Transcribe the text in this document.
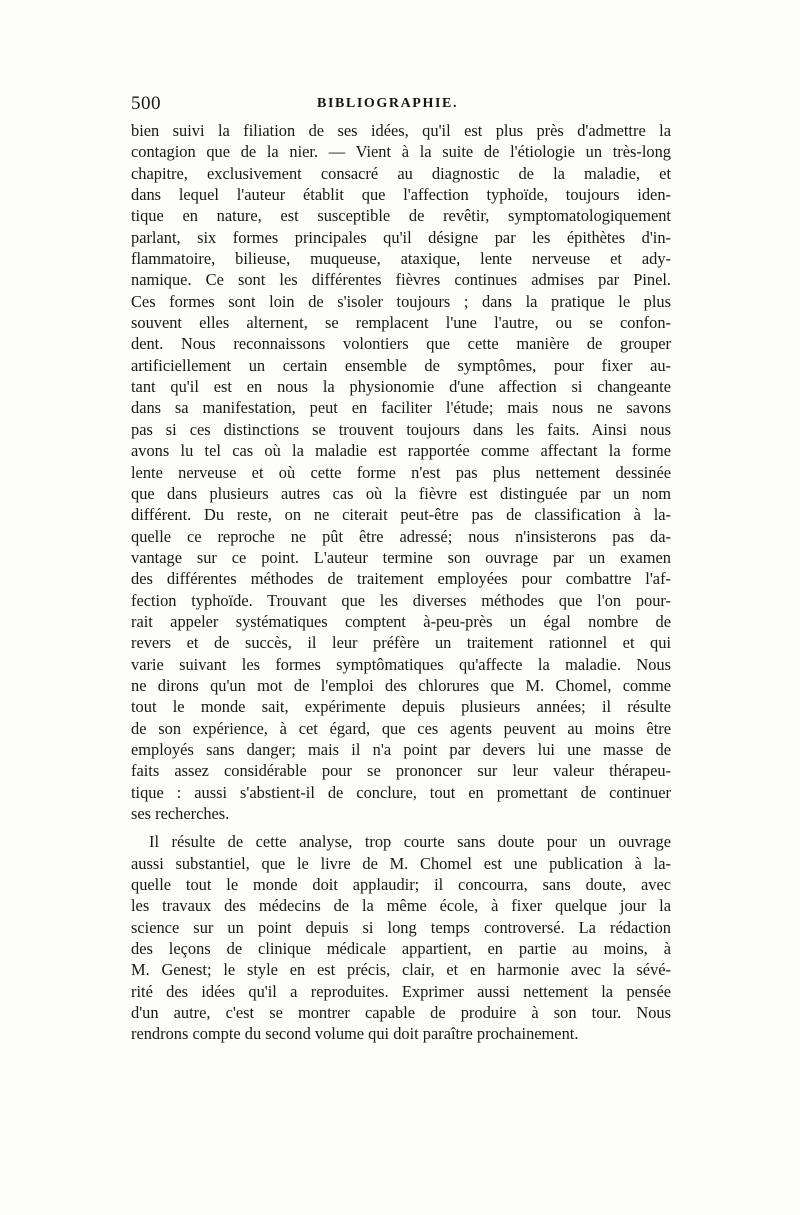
500	BIBLIOGRAPHIE.
bien suivi la filiation de ses idées, qu'il est plus près d'admettre la
contagion que de la nier. — Vient à la suite de l'étiologie un très-long
chapitre, exclusivement consacré au diagnostic de la maladie, et
dans lequel l'auteur établit que l'affection typhoïde, toujours iden-
tique en nature, est susceptible de revêtir, symptomatologiquement
parlant, six formes principales qu'il désigne par les épithètes d'in-
flammatoire, bilieuse, muqueuse, ataxique, lente nerveuse et ady-
namique. Ce sont les différentes fièvres continues admises par Pinel.
Ces formes sont loin de s'isoler toujours ; dans la pratique le plus
souvent elles alternent, se remplacent l'une l'autre, ou se confon-
dent. Nous reconnaissons volontiers que cette manière de grouper
artificiellement un certain ensemble de symptômes, pour fixer au-
tant qu'il est en nous la physionomie d'une affection si changeante
dans sa manifestation, peut en faciliter l'étude; mais nous ne savons
pas si ces distinctions se trouvent toujours dans les faits. Ainsi nous
avons lu tel cas où la maladie est rapportée comme affectant la forme
lente nerveuse et où cette forme n'est pas plus nettement dessinée
que dans plusieurs autres cas où la fièvre est distinguée par un nom
différent. Du reste, on ne citerait peut-être pas de classification à la-
quelle ce reproche ne pût être adressé; nous n'insisterons pas da-
vantage sur ce point. L'auteur termine son ouvrage par un examen
des différentes méthodes de traitement employées pour combattre l'af-
fection typhoïde. Trouvant que les diverses méthodes que l'on pour-
rait appeler systématiques comptent à-peu-près un égal nombre de
revers et de succès, il leur préfère un traitement rationnel et qui
varie suivant les formes symptômatiques qu'affecte la maladie. Nous
ne dirons qu'un mot de l'emploi des chlorures que M. Chomel, comme
tout le monde sait, expérimente depuis plusieurs années; il résulte
de son expérience, à cet égard, que ces agents peuvent au moins être
employés sans danger; mais il n'a point par devers lui une masse de
faits assez considérable pour se prononcer sur leur valeur thérapeu-
tique : aussi s'abstient-il de conclure, tout en promettant de continuer
ses recherches.
Il résulte de cette analyse, trop courte sans doute pour un ouvrage
aussi substantiel, que le livre de M. Chomel est une publication à la-
quelle tout le monde doit applaudir; il concourra, sans doute, avec
les travaux des médecins de la même école, à fixer quelque jour la
science sur un point depuis si long temps controversé. La rédaction
des leçons de clinique médicale appartient, en partie au moins, à
M. Genest; le style en est précis, clair, et en harmonie avec la sévé-
rité des idées qu'il a reproduites. Exprimer aussi nettement la pensée
d'un autre, c'est se montrer capable de produire à son tour. Nous
rendrons compte du second volume qui doit paraître prochainement.
